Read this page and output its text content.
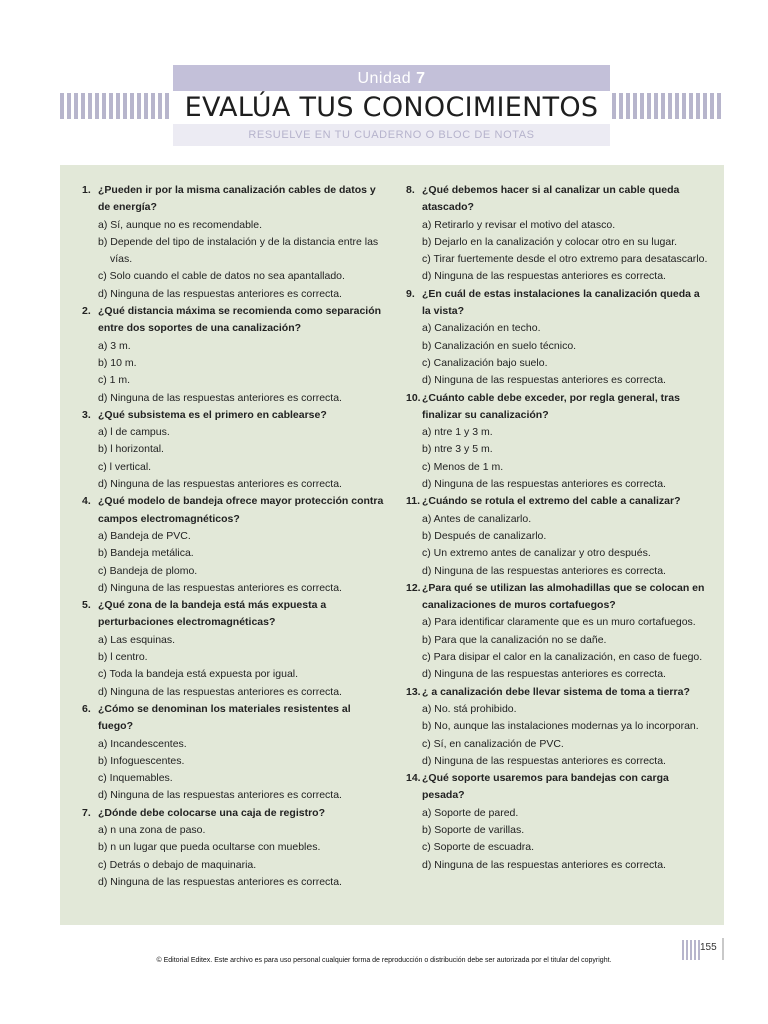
Unidad 7
EVALÚA TUS CONOCIMIENTOS
RESUELVE EN TU CUADERNO O BLOC DE NOTAS
1. ¿Pueden ir por la misma canalización cables de datos y de energía?
a) Sí, aunque no es recomendable.
b) Depende del tipo de instalación y de la distancia entre las vías.
c) Solo cuando el cable de datos no sea apantallado.
d) Ninguna de las respuestas anteriores es correcta.
2. ¿Qué distancia máxima se recomienda como separación entre dos soportes de una canalización?
a) 3 m.
b) 10 m.
c) 1 m.
d) Ninguna de las respuestas anteriores es correcta.
3. ¿Qué subsistema es el primero en cablearse?
a) l de campus.
b) l horizontal.
c) l vertical.
d) Ninguna de las respuestas anteriores es correcta.
4. ¿Qué modelo de bandeja ofrece mayor protección contra campos electromagnéticos?
a) Bandeja de PVC.
b) Bandeja metálica.
c) Bandeja de plomo.
d) Ninguna de las respuestas anteriores es correcta.
5. ¿Qué zona de la bandeja está más expuesta a perturbaciones electromagnéticas?
a) Las esquinas.
b) l centro.
c) Toda la bandeja está expuesta por igual.
d) Ninguna de las respuestas anteriores es correcta.
6. ¿Cómo se denominan los materiales resistentes al fuego?
a) Incandescentes.
b) Infoguescentes.
c) Inquemables.
d) Ninguna de las respuestas anteriores es correcta.
7. ¿Dónde debe colocarse una caja de registro?
a) n una zona de paso.
b) n un lugar que pueda ocultarse con muebles.
c) Detrás o debajo de maquinaria.
d) Ninguna de las respuestas anteriores es correcta.
8. ¿Qué debemos hacer si al canalizar un cable queda atascado?
a) Retirarlo y revisar el motivo del atasco.
b) Dejarlo en la canalización y colocar otro en su lugar.
c) Tirar fuertemente desde el otro extremo para desatascarlo.
d) Ninguna de las respuestas anteriores es correcta.
9. ¿En cuál de estas instalaciones la canalización queda a la vista?
a) Canalización en techo.
b) Canalización en suelo técnico.
c) Canalización bajo suelo.
d) Ninguna de las respuestas anteriores es correcta.
10. ¿Cuánto cable debe exceder, por regla general, tras finalizar su canalización?
a) ntre 1 y 3 m.
b) ntre 3 y 5 m.
c) Menos de 1 m.
d) Ninguna de las respuestas anteriores es correcta.
11. ¿Cuándo se rotula el extremo del cable a canalizar?
a) Antes de canalizarlo.
b) Después de canalizarlo.
c) Un extremo antes de canalizar y otro después.
d) Ninguna de las respuestas anteriores es correcta.
12. ¿Para qué se utilizan las almohadillas que se colocan en canalizaciones de muros cortafuegos?
a) Para identificar claramente que es un muro cortafuegos.
b) Para que la canalización no se dañe.
c) Para disipar el calor en la canalización, en caso de fuego.
d) Ninguna de las respuestas anteriores es correcta.
13. ¿ a canalización debe llevar sistema de toma a tierra?
a) No. stá prohibido.
b) No, aunque las instalaciones modernas ya lo incorporan.
c) Sí, en canalización de PVC.
d) Ninguna de las respuestas anteriores es correcta.
14. ¿Qué soporte usaremos para bandejas con carga pesada?
a) Soporte de pared.
b) Soporte de varillas.
c) Soporte de escuadra.
d) Ninguna de las respuestas anteriores es correcta.
155
© Editorial Editex. Este archivo es para uso personal cualquier forma de reproducción o distribución debe ser autorizada por el titular del copyright.
